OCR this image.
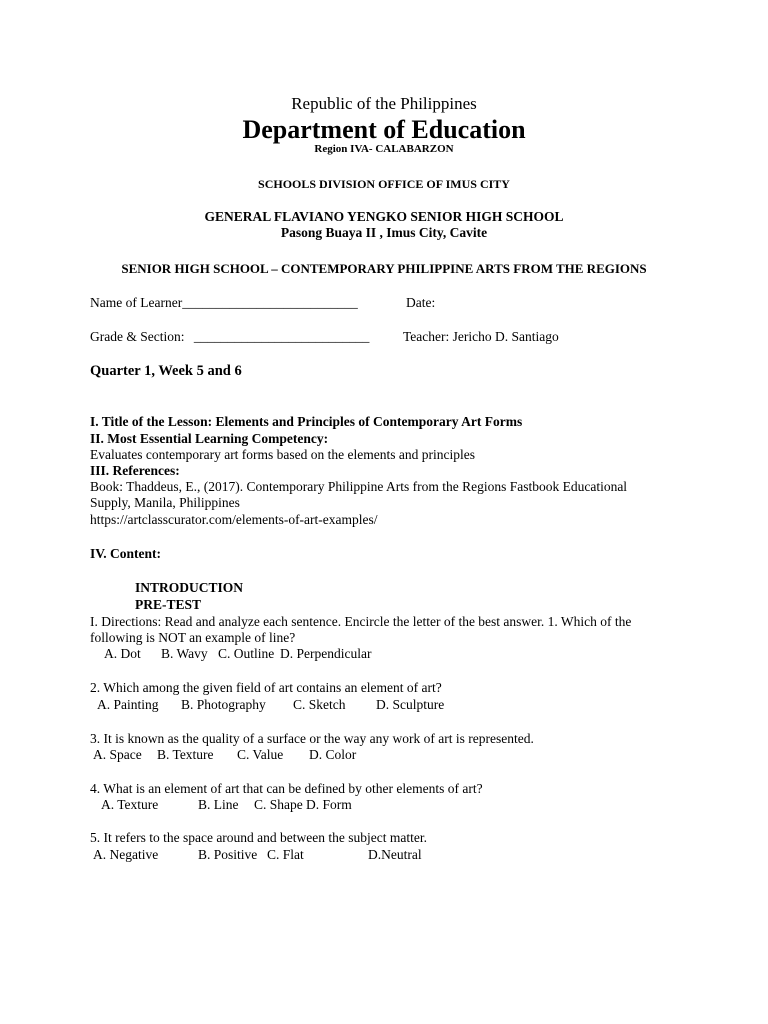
Republic of the Philippines
Department of Education
Region IVA- CALABARZON
SCHOOLS DIVISION OFFICE OF IMUS CITY
GENERAL FLAVIANO YENGKO SENIOR HIGH SCHOOL
Pasong Buaya II , Imus City, Cavite
SENIOR HIGH SCHOOL – CONTEMPORARY PHILIPPINE ARTS FROM THE REGIONS
Name of Learner__________________________	Date:
Grade & Section: __________________________ Teacher: Jericho D. Santiago
Quarter 1, Week 5 and 6
I. Title of the Lesson: Elements and Principles of Contemporary Art Forms
II. Most Essential Learning Competency:
Evaluates contemporary art forms based on the elements and principles
III. References:
Book: Thaddeus, E., (2017). Contemporary Philippine Arts from the Regions Fastbook Educational
Supply, Manila, Philippines
https://artclasscurator.com/elements-of-art-examples/
IV. Content:
INTRODUCTION
PRE-TEST
I. Directions: Read and analyze each sentence. Encircle the letter of the best answer. 1. Which of the
following is NOT an example of line?
A. Dot B. Wavy C. Outline D. Perpendicular
2. Which among the given field of art contains an element of art?
A. Painting B. Photography C. Sketch D. Sculpture
3. It is known as the quality of a surface or the way any work of art is represented.
A. Space B. Texture C. Value D. Color
4. What is an element of art that can be defined by other elements of art?
A. Texture	B. Line C. Shape D. Form
5. It refers to the space around and between the subject matter.
A. Negative	B. Positive C. Flat	D.Neutral
